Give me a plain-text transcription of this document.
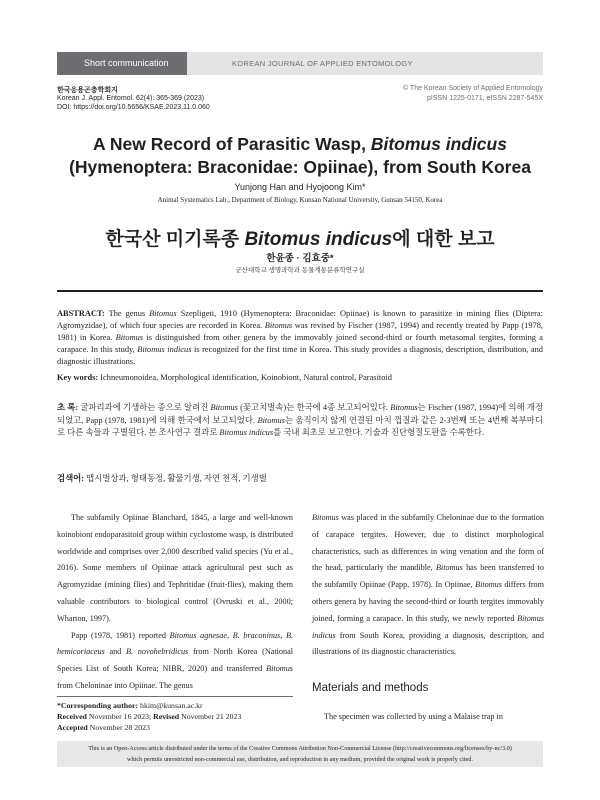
Short communication	KOREAN JOURNAL OF APPLIED ENTOMOLOGY
한국응용곤충학회지
Korean J. Appl. Entomol. 62(4): 365-369 (2023)
DOI: https://doi.org/10.5656/KSAE.2023.11.0.060
© The Korean Society of Applied Entomology
pISSN 1225-0171, eISSN 2287-545X
A New Record of Parasitic Wasp, Bitomus indicus
(Hymenoptera: Braconidae: Opiinae), from South Korea
Yunjong Han and Hyojoong Kim*
Animal Systematics Lab., Department of Biology, Kunsan National University, Gunsan 54150, Korea
한국산 미기록종 Bitomus indicus에 대한 보고
한윤종 · 김효중*
군산대학교 생명과학과 동물계통분류학연구실
ABSTRACT: The genus Bitomus Szepligeti, 1910 (Hymenoptera: Braconidae: Opiinae) is known to parasitize in mining flies (Diptera: Agromyzidae), of which four species are recorded in Korea. Bitomus was revised by Fischer (1987, 1994) and recently treated by Papp (1978, 1981) in Korea. Bitomus is distinguished from other genera by the immovably joined second-third or fourth metasomal tergites, forming a carapace. In this study, Bitomus indicus is recognized for the first time in Korea. This study provides a diagnosis, description, distribution, and diagnostic illustrations.
Key words: Ichneumonoidea, Morphological identification, Koinobiont, Natural control, Parasitoid
초 록: 굴파리과에 기생하는 종으로 알려진 Bitomus (꽃고치벌속)는 한국에 4종 보고되어있다. Bitomus는 Fischer (1987, 1994)에 의해 개정되었고, Papp (1978, 1981)에 의해 한국에서 보고되었다. Bitomus는 움직이지 않게 연결된 마치 껍질과 같은 2-3번째 또는 4번째 복부마디로 다른 속들과 구별된다. 본 조사연구 결과로 Bitomus indicus를 국내 최초로 보고한다. 기술과 진단형질도판을 수록한다.
검색어: 맵시벌상과, 형태동정, 활물기생, 자연 천적, 기생벌
The subfamily Opiinae Blanchard, 1845, a large and well-known koinobiont endoparasitoid group within cyclostome wasp, is distributed worldwide and comprises over 2,000 described valid species (Yu et al., 2016). Some members of Opiinae attack agricultural pest such as Agromyzidae (mining flies) and Tephritidae (fruit-flies), making them valuable contributors to biological control (Ovruski et al., 2000; Wharton, 1997).
Papp (1978, 1981) reported Bitomus agnesae, B. braconinus, B. hemicoriaceus and B. novohebridicus from North Korea (National Species List of South Korea; NIBR, 2020) and transferred Bitomus from Cheloninae into Opiinae. The genus
Bitomus was placed in the subfamily Cheloninae due to the formation of carapace tergites. However, due to distinct morphological characteristics, such as differences in wing venation and the form of the head, particularly the mandible, Bitomus has been transferred to the subfamily Opiinae (Papp, 1978). In Opiinae, Bitomus differs from others genera by having the second-third or fourth tergites immovably joined, forming a carapace. In this study, we newly reported Bitomus indicus from South Korea, providing a diagnosis, description, and illustrations of its diagnostic characteristics.
Materials and methods
The specimen was collected by using a Malaise trap in
*Corresponding author: hkim@kunsan.ac.kr
Received November 16 2023; Revised November 21 2023
Accepted November 28 2023
This is an Open-Access article distributed under the terms of the Creative Commons Attribution Non-Commercial License (http://creativecommons.org/licenses/by-nc/3.0)
which permits unrestricted non-commercial use, distribution, and reproduction in any medium, provided the original work is properly cited.
